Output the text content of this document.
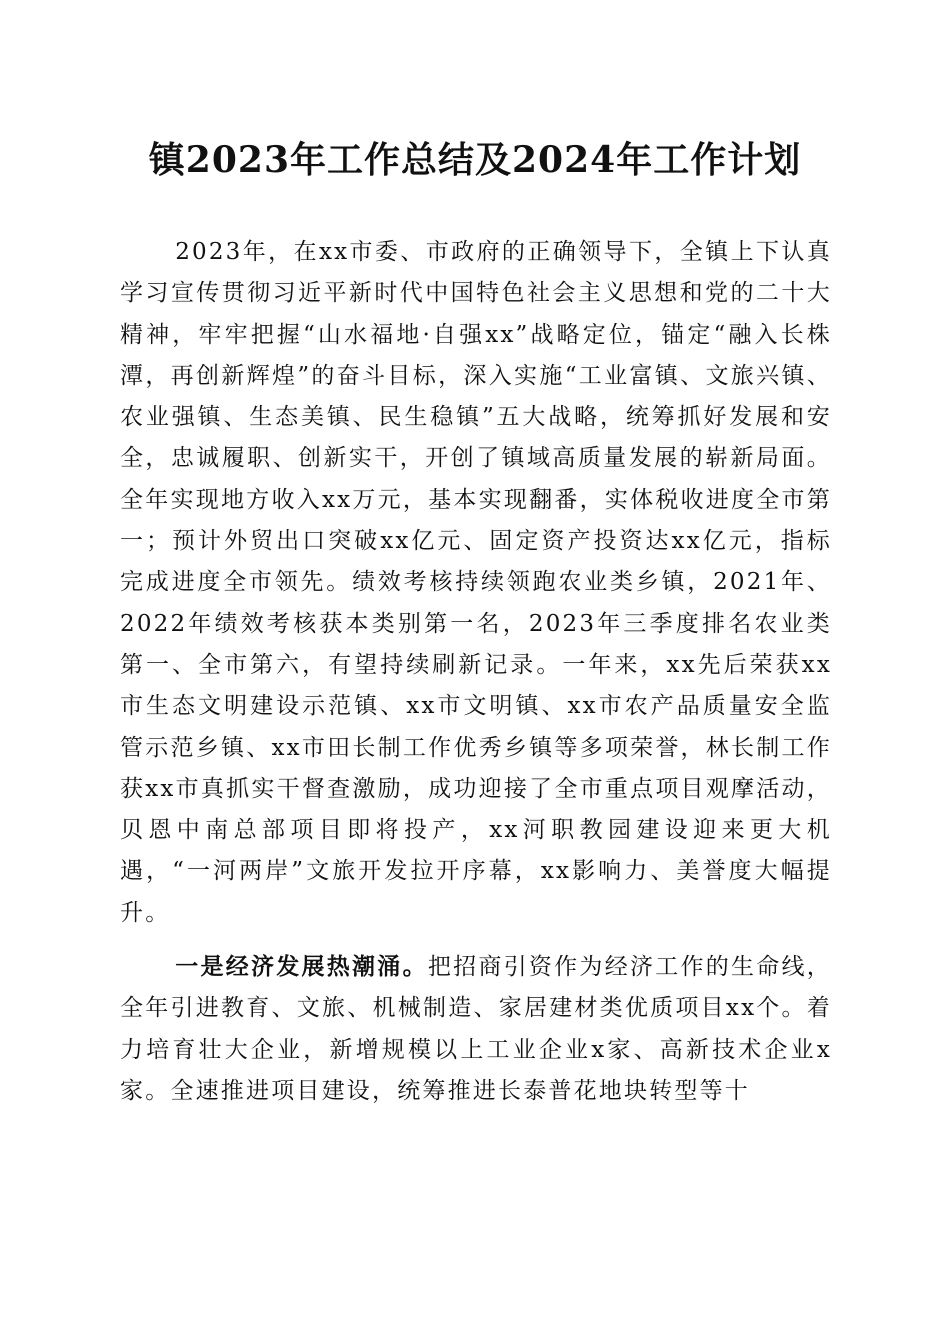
镇2023年工作总结及2024年工作计划

2023年，在xx市委、市政府的正确领导下，全镇上下认真学习宣传贯彻习近平新时代中国特色社会主义思想和党的二十大精神，牢牢把握“山水福地·自强xx”战略定位，锚定“融入长株潭，再创新辉煌”的奋斗目标，深入实施“工业富镇、文旅兴镇、农业强镇、生态美镇、民生稳镇”五大战略，统筹抓好发展和安全，忠诚履职、创新实干，开创了镇域高质量发展的崭新局面。全年实现地方收入xx万元，基本实现翻番，实体税收进度全市第一；预计外贸出口突破xx亿元、固定资产投资达xx亿元，指标完成进度全市领先。绩效考核持续领跑农业类乡镇，2021年、2022年绩效考核获本类别第一名，2023年三季度排名农业类第一、全市第六，有望持续刷新记录。一年来，xx先后荣获xx市生态文明建设示范镇、xx市文明镇、xx市农产品质量安全监管示范乡镇、xx市田长制工作优秀乡镇等多项荣誉，林长制工作获xx市真抓实干督查激励，成功迎接了全市重点项目观摩活动，贝恩中南总部项目即将投产，xx河职教园建设迎来更大机遇，“一河两岸”文旅开发拉开序幕，xx影响力、美誉度大幅提升。

一是经济发展热潮涌。把招商引资作为经济工作的生命线，全年引进教育、文旅、机械制造、家居建材类优质项目xx个。着力培育壮大企业，新增规模以上工业企业x家、高新技术企业x家。全速推进项目建设，统筹推进长泰普花地块转型等十
